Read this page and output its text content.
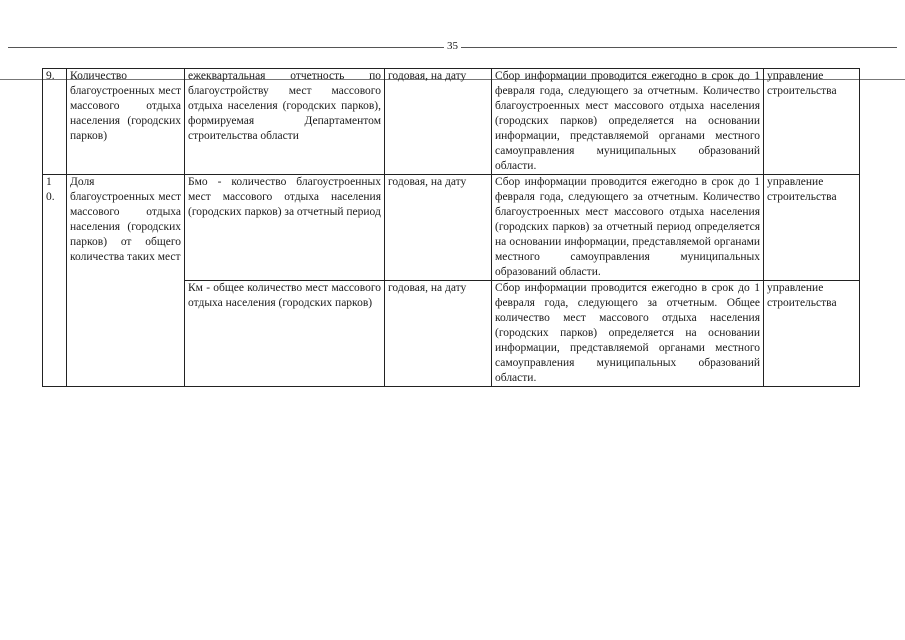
35
9.	Количество благоустроенных мест массового отдыха населения (городских парков)	ежеквартальная отчетность по благоустройству мест массового отдыха населения (городских парков), формируемая Департаментом строительства области	годовая, на дату	Сбор информации проводится ежегодно в срок до 1 февраля года, следующего за отчетным. Количество благоустроенных мест массового отдыха населения (городских парков) определяется на основании информации, представляемой органами местного самоуправления муниципальных образований области.	управление строительства
1 0.	Доля благоустроенных мест массового отдыха населения (городских парков) от общего количества таких мест	Бмо - количество благоустроенных мест массового отдыха населения (городских парков) за отчетный период	годовая, на дату	Сбор информации проводится ежегодно в срок до 1 февраля года, следующего за отчетным. Количество благоустроенных мест массового отдыха населения (городских парков) за отчетный период определяется на основании информации, представляемой органами местного самоуправления муниципальных образований области.	управление строительства
		Км - общее количество мест массового отдыха населения (городских парков)	годовая, на дату	Сбор информации проводится ежегодно в срок до 1 февраля года, следующего за отчетным. Общее количество мест массового отдыха населения (городских парков) определяется на основании информации, представляемой органами местного самоуправления муниципальных образований области.	управление строительства
